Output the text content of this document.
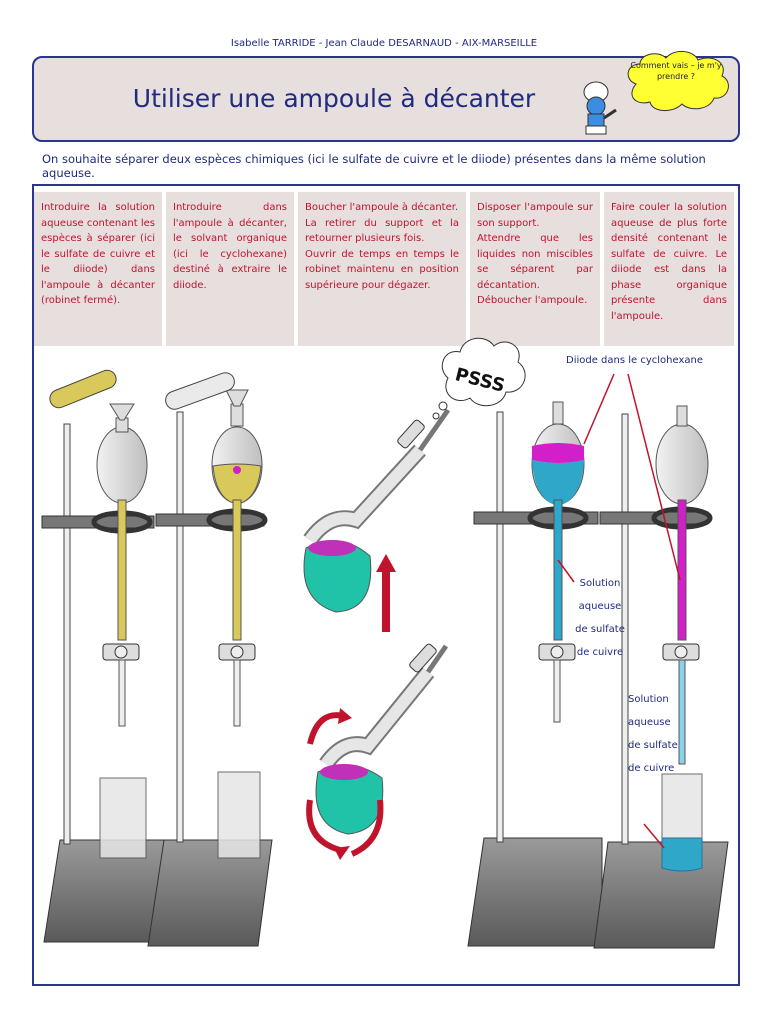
Isabelle TARRIDE - Jean Claude DESARNAUD - AIX-MARSEILLE
Utiliser une ampoule à décanter
Comment vais – je m'y prendre ?
On souhaite séparer deux espèces chimiques (ici le sulfate de cuivre et le diiode) présentes dans la même solution aqueuse.
Introduire la solution aqueuse contenant les espèces à séparer (ici le sulfate de cuivre et le diiode) dans l'ampoule à décanter (robinet fermé).
Introduire dans l'ampoule à décanter, le solvant organique (ici le cyclohexane) destiné à extraire le diiode.
Boucher l'ampoule à décanter.
La retirer du support et la retourner plusieurs fois.
Ouvrir de temps en temps le robinet maintenu en position supérieure pour dégazer.
Disposer l'ampoule sur son support.
Attendre que les liquides non miscibles se séparent par décantation.
Déboucher l'ampoule.
Faire couler la solution aqueuse de plus forte densité contenant le sulfate de cuivre. Le diiode est dans la phase organique présente dans l'ampoule.
PSSS
Diiode dans le cyclohexane
Solution aqueuse de sulfate de cuivre
Solution aqueuse de sulfate de cuivre
